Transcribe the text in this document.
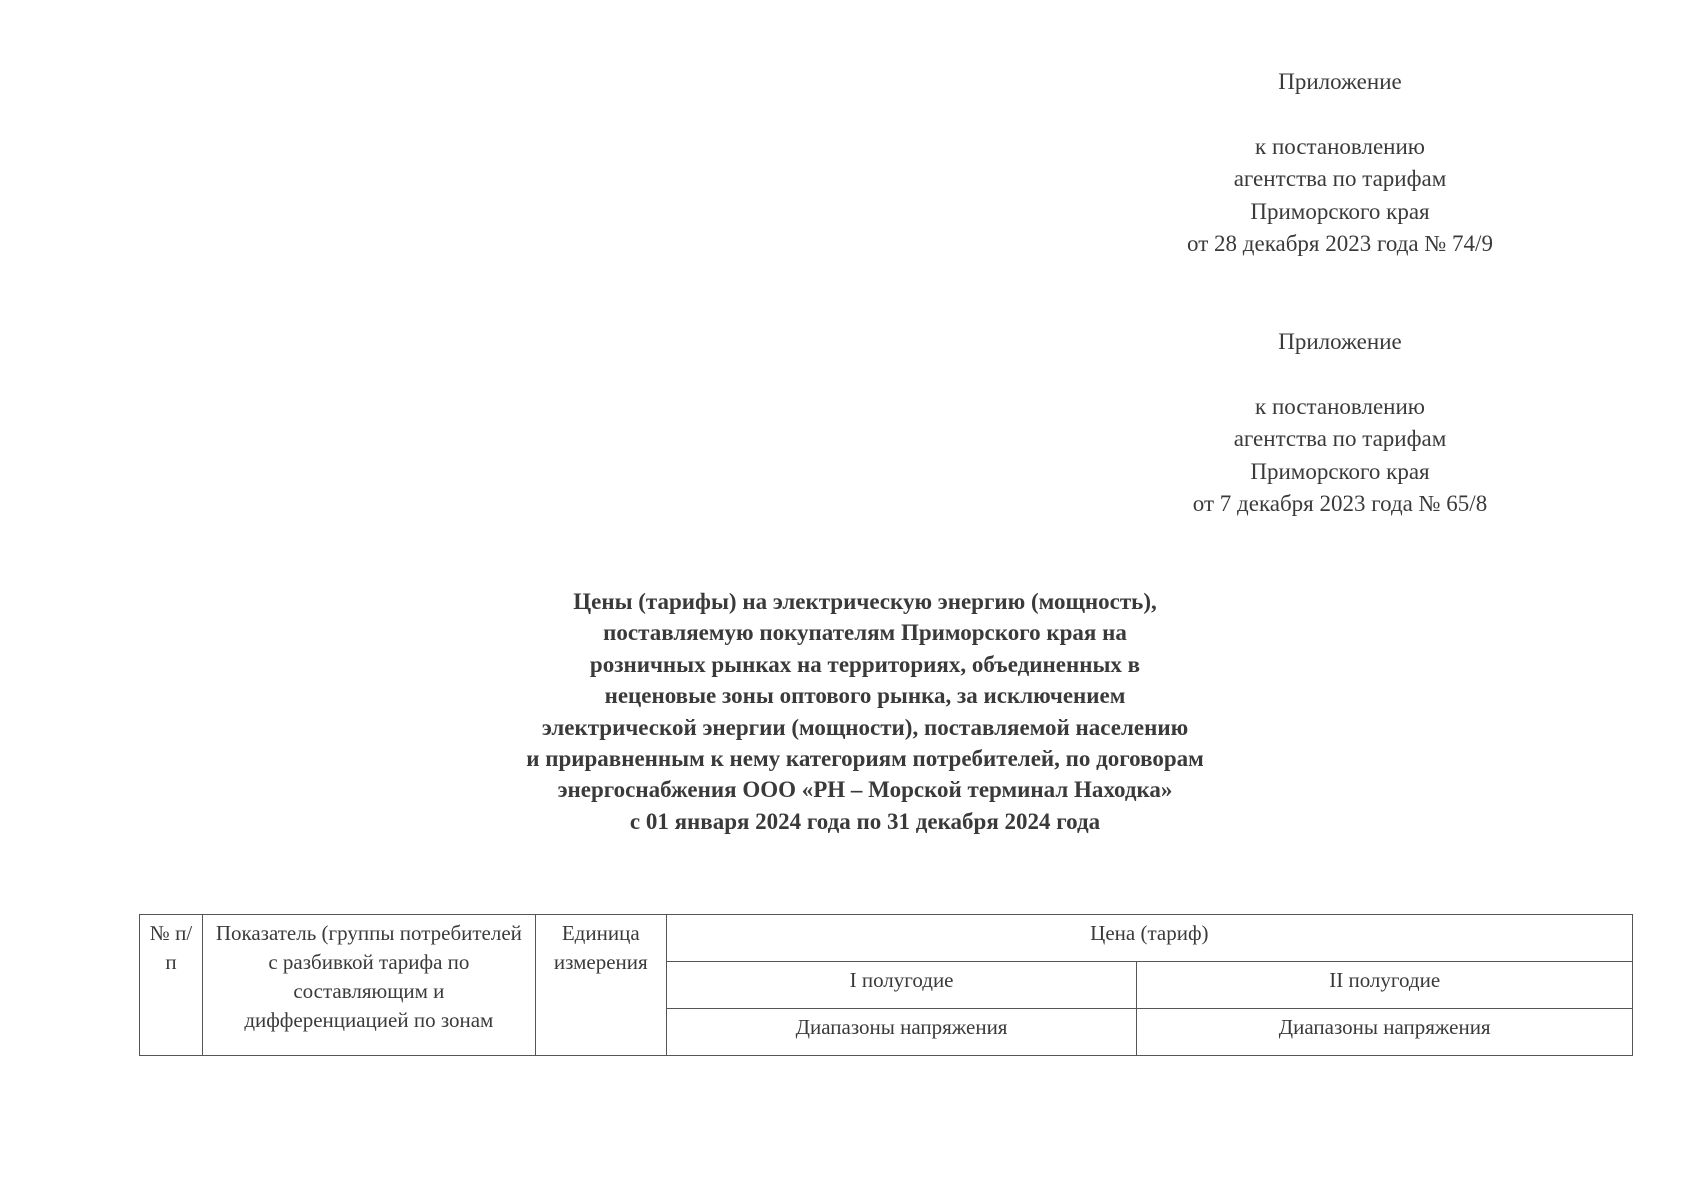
Приложение
к постановлению
агентства по тарифам
Приморского края
от 28 декабря 2023 года № 74/9
Приложение
к постановлению
агентства по тарифам
Приморского края
от 7 декабря 2023 года № 65/8
Цены (тарифы) на электрическую энергию (мощность),
поставляемую покупателям Приморского края на
розничных рынках на территориях, объединенных в
неценовые зоны оптового рынка, за исключением
электрической энергии (мощности), поставляемой населению
и приравненным к нему категориям потребителей, по договорам
энергоснабжения ООО «РН – Морской терминал Находка»
с 01 января 2024 года по 31 декабря 2024 года
№ п/п	Показатель (группы потребителей с разбивкой тарифа по составляющим и дифференциацией по зонам	Единица измерения	Цена (тариф)	
			I полугодие	II полугодие
			Диапазоны напряжения	Диапазоны напряжения
